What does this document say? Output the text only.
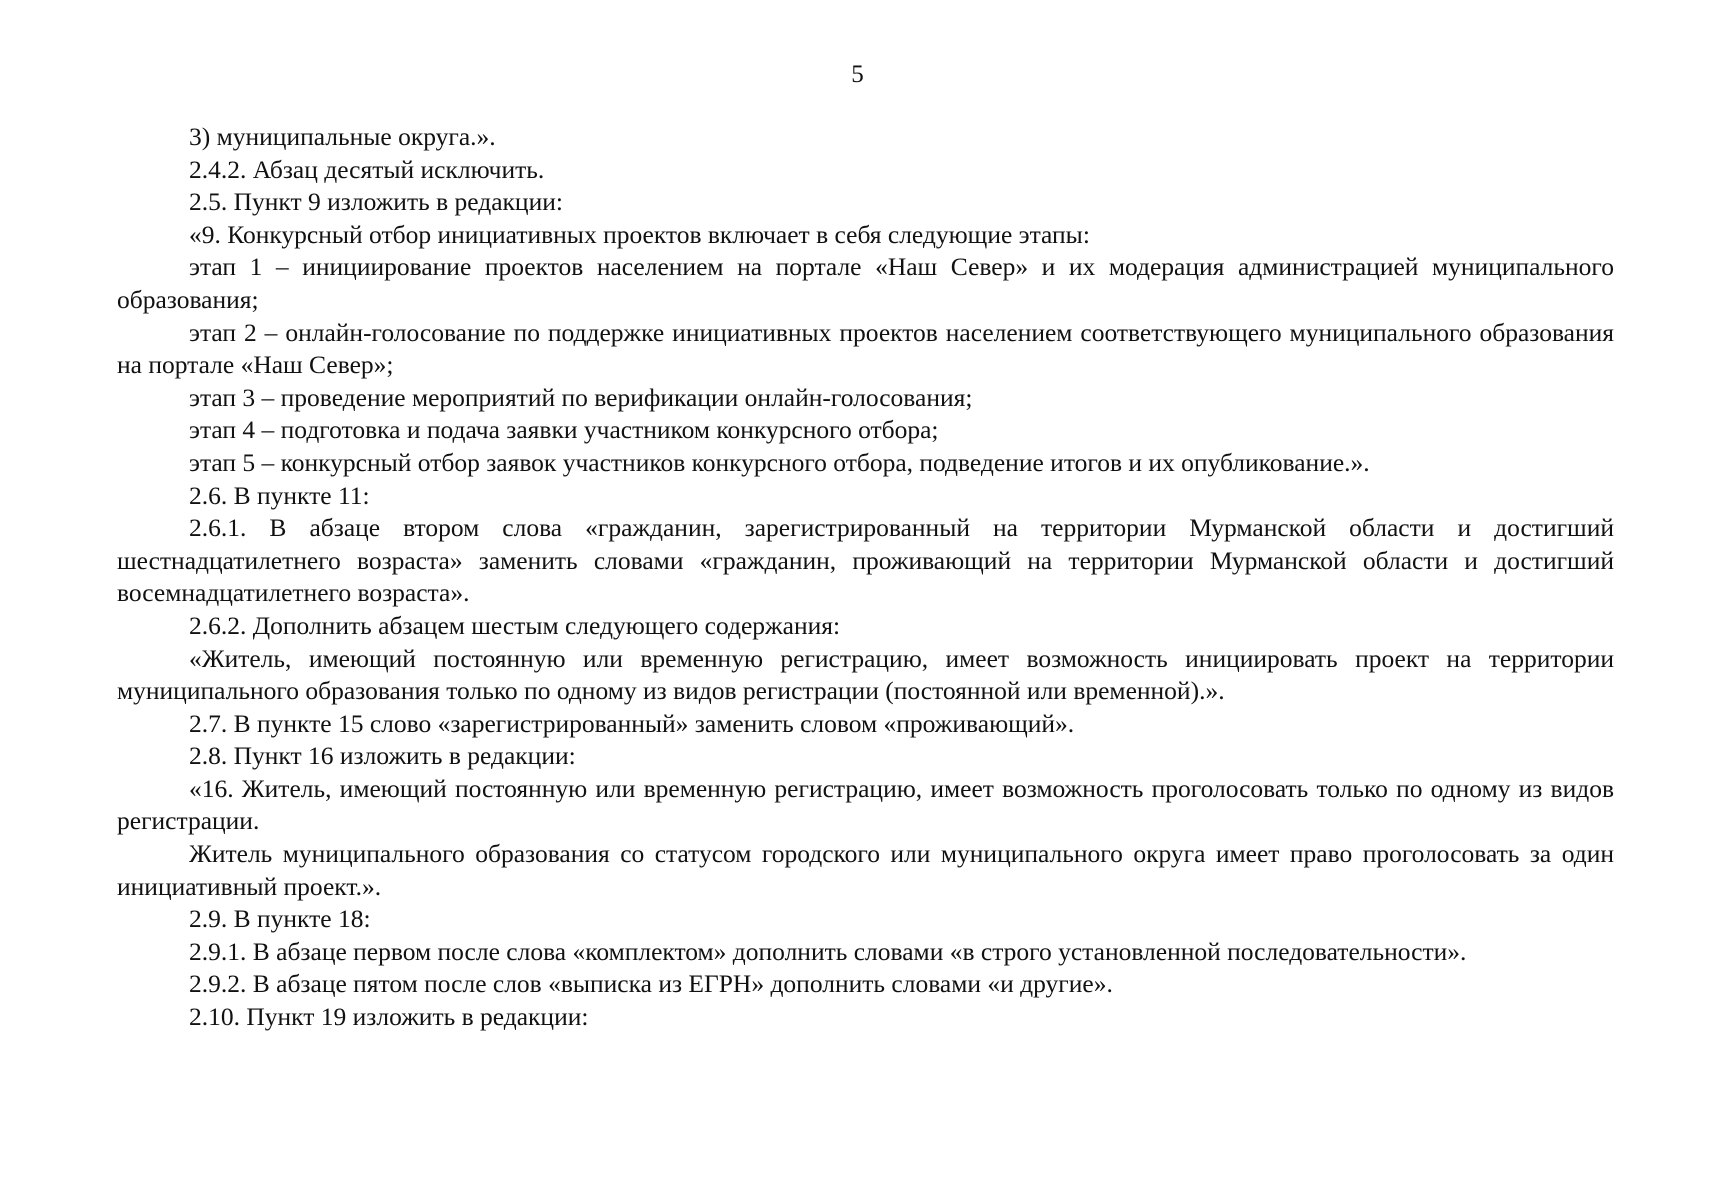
5

3) муниципальные округа.».

2.4.2. Абзац десятый исключить.

2.5. Пункт 9 изложить в редакции:

«9. Конкурсный отбор инициативных проектов включает в себя следующие этапы:

этап 1 – инициирование проектов населением на портале «Наш Север» и их модерация администрацией муниципального образования;

этап 2 – онлайн-голосование по поддержке инициативных проектов населением соответствующего муниципального образования на портале «Наш Север»;

этап 3 – проведение мероприятий по верификации онлайн-голосования;

этап 4 – подготовка и подача заявки участником конкурсного отбора;

этап 5 – конкурсный отбор заявок участников конкурсного отбора, подведение итогов и их опубликование.».

2.6. В пункте 11:

2.6.1. В абзаце втором слова «гражданин, зарегистрированный на территории Мурманской области и достигший шестнадцатилетнего возраста» заменить словами «гражданин, проживающий на территории Мурманской области и достигший восемнадцатилетнего возраста».

2.6.2. Дополнить абзацем шестым следующего содержания:

«Житель, имеющий постоянную или временную регистрацию, имеет возможность инициировать проект на территории муниципального образования только по одному из видов регистрации (постоянной или временной).».

2.7. В пункте 15 слово «зарегистрированный» заменить словом «проживающий».

2.8. Пункт 16 изложить в редакции:

«16. Житель, имеющий постоянную или временную регистрацию, имеет возможность проголосовать только по одному из видов регистрации.

Житель муниципального образования со статусом городского или муниципального округа имеет право проголосовать за один инициативный проект.».

2.9. В пункте 18:

2.9.1. В абзаце первом после слова «комплектом» дополнить словами «в строго установленной последовательности».

2.9.2. В абзаце пятом после слов «выписка из ЕГРН» дополнить словами «и другие».

2.10. Пункт 19 изложить в редакции:
